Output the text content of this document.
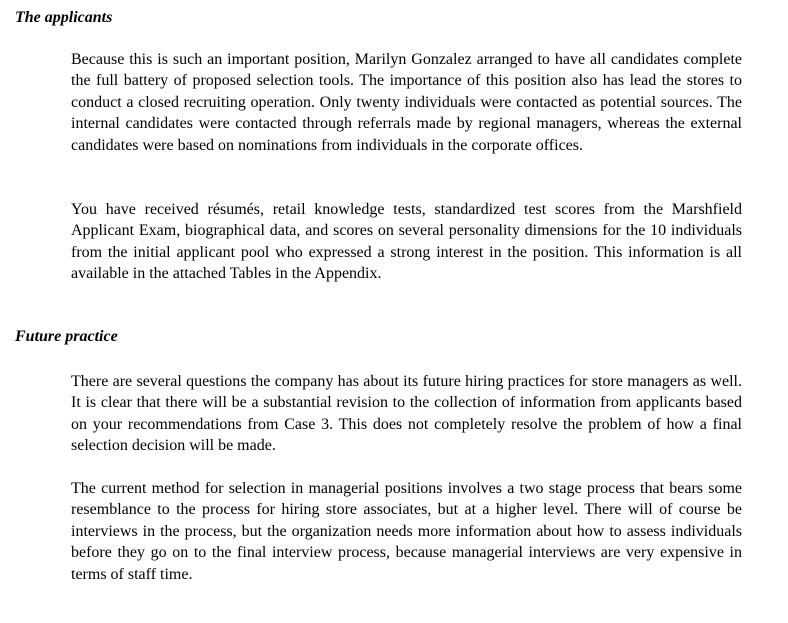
The applicants

Because this is such an important position, Marilyn Gonzalez arranged to have all candidates complete the full battery of proposed selection tools. The importance of this position also has lead the stores to conduct a closed recruiting operation. Only twenty individuals were contacted as potential sources. The internal candidates were contacted through referrals made by regional managers, whereas the external candidates were based on nominations from individuals in the corporate offices.

You have received résumés, retail knowledge tests, standardized test scores from the Marshfield Applicant Exam, biographical data, and scores on several personality dimensions for the 10 individuals from the initial applicant pool who expressed a strong interest in the position. This information is all available in the attached Tables in the Appendix.

Future practice

There are several questions the company has about its future hiring practices for store managers as well. It is clear that there will be a substantial revision to the collection of information from applicants based on your recommendations from Case 3. This does not completely resolve the problem of how a final selection decision will be made.

The current method for selection in managerial positions involves a two stage process that bears some resemblance to the process for hiring store associates, but at a higher level. There will of course be interviews in the process, but the organization needs more information about how to assess individuals before they go on to the final interview process, because managerial interviews are very expensive in terms of staff time.
